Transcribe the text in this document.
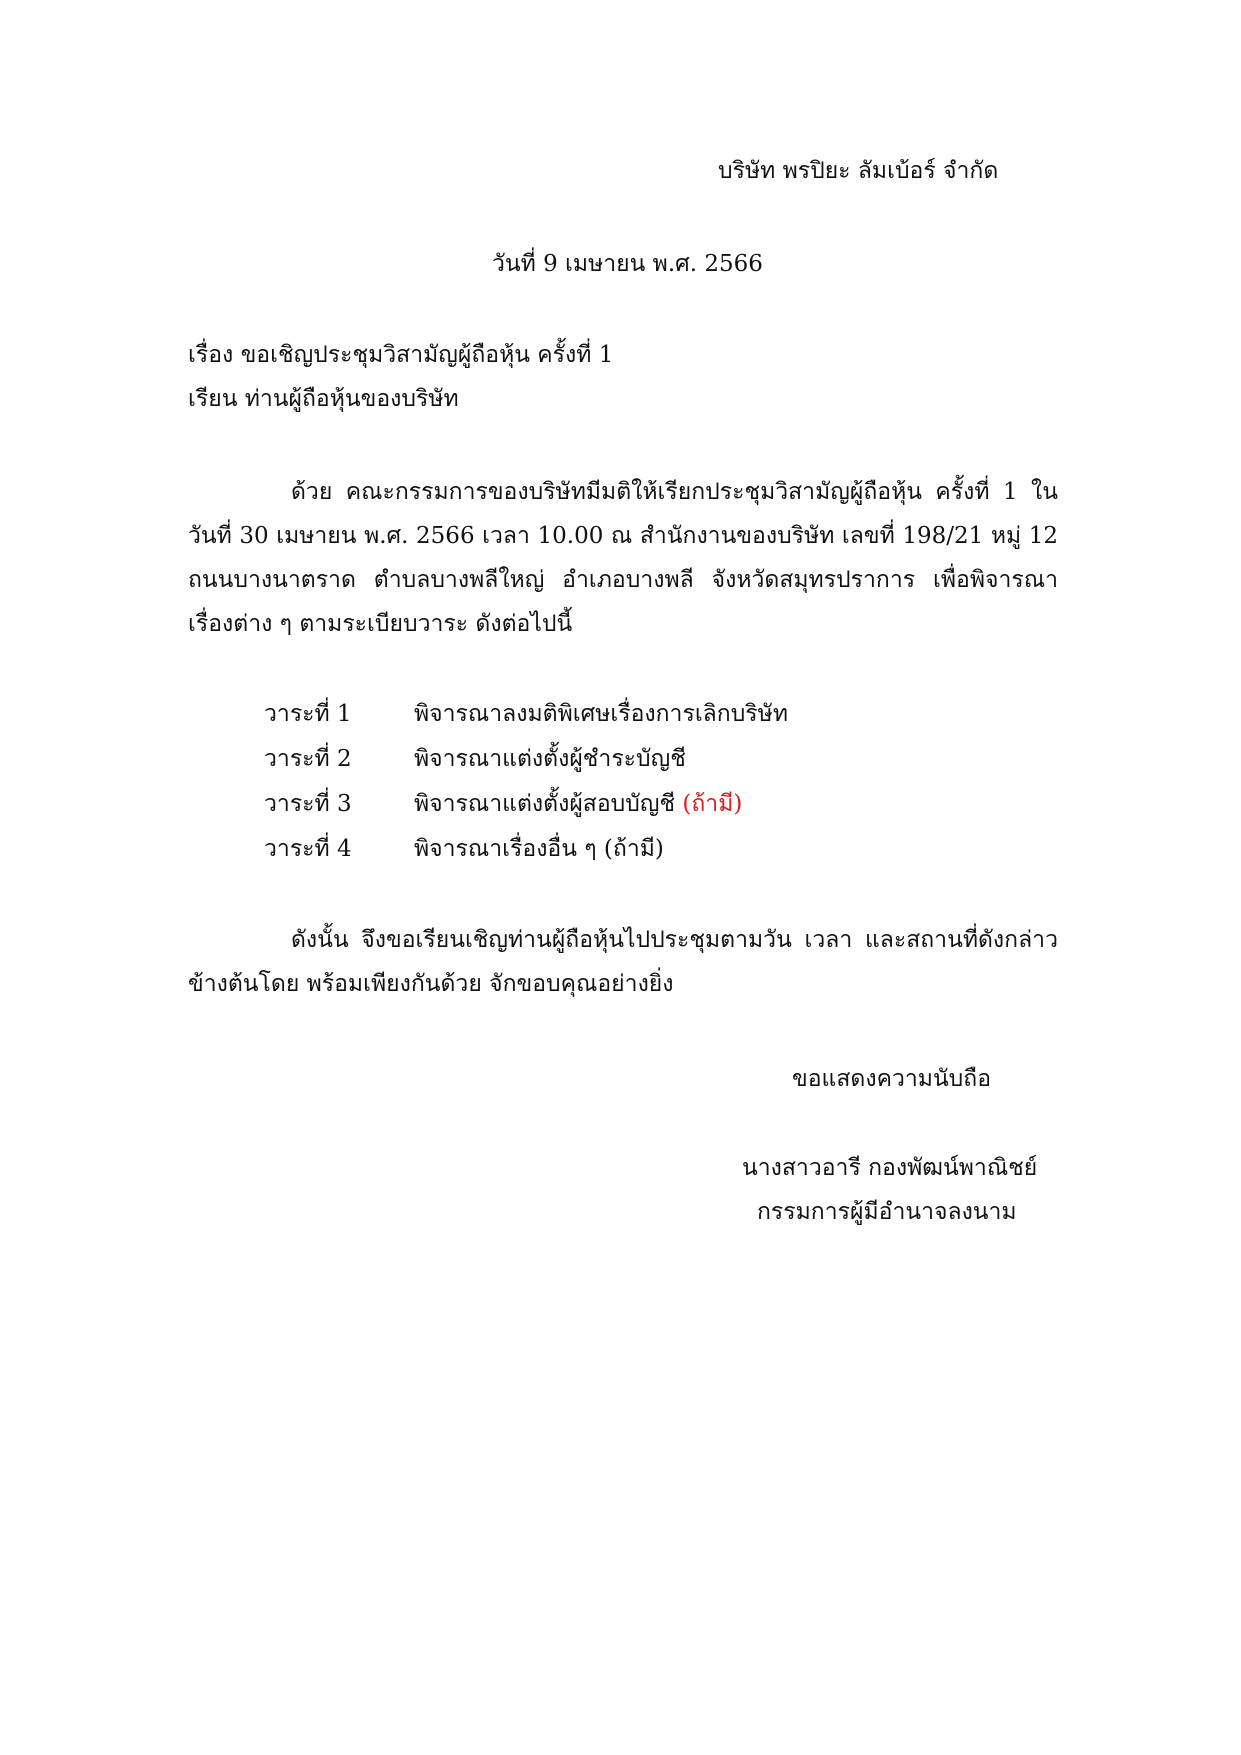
บริษัท พรปิยะ ลัมเบ้อร์ จำกัด
วันที่ 9 เมษายน พ.ศ. 2566
เรื่อง ขอเชิญประชุมวิสามัญผู้ถือหุ้น ครั้งที่ 1
เรียน ท่านผู้ถือหุ้นของบริษัท
ด้วย คณะกรรมการของบริษัทมีมติให้เรียกประชุมวิสามัญผู้ถือหุ้น ครั้งที่ 1 ในวันที่ 30 เมษายน พ.ศ. 2566 เวลา 10.00 ณ สำนักงานของบริษัท เลขที่ 198/21 หมู่ 12 ถนนบางนาตราด ตำบลบางพลีใหญ่ อำเภอบางพลี จังหวัดสมุทรปราการ เพื่อพิจารณาเรื่องต่าง ๆ ตามระเบียบวาระ ดังต่อไปนี้
วาระที่ 1	พิจารณาลงมติพิเศษเรื่องการเลิกบริษัท
วาระที่ 2	พิจารณาแต่งตั้งผู้ชำระบัญชี
วาระที่ 3	พิจารณาแต่งตั้งผู้สอบบัญชี (ถ้ามี)
วาระที่ 4	พิจารณาเรื่องอื่น ๆ (ถ้ามี)
ดังนั้น จึงขอเรียนเชิญท่านผู้ถือหุ้นไปประชุมตามวัน เวลา และสถานที่ดังกล่าวข้างต้นโดย พร้อมเพียงกันด้วย จักขอบคุณอย่างยิ่ง
ขอแสดงความนับถือ
นางสาวอารี กองพัฒน์พาณิชย์
กรรมการผู้มีอำนาจลงนาม
